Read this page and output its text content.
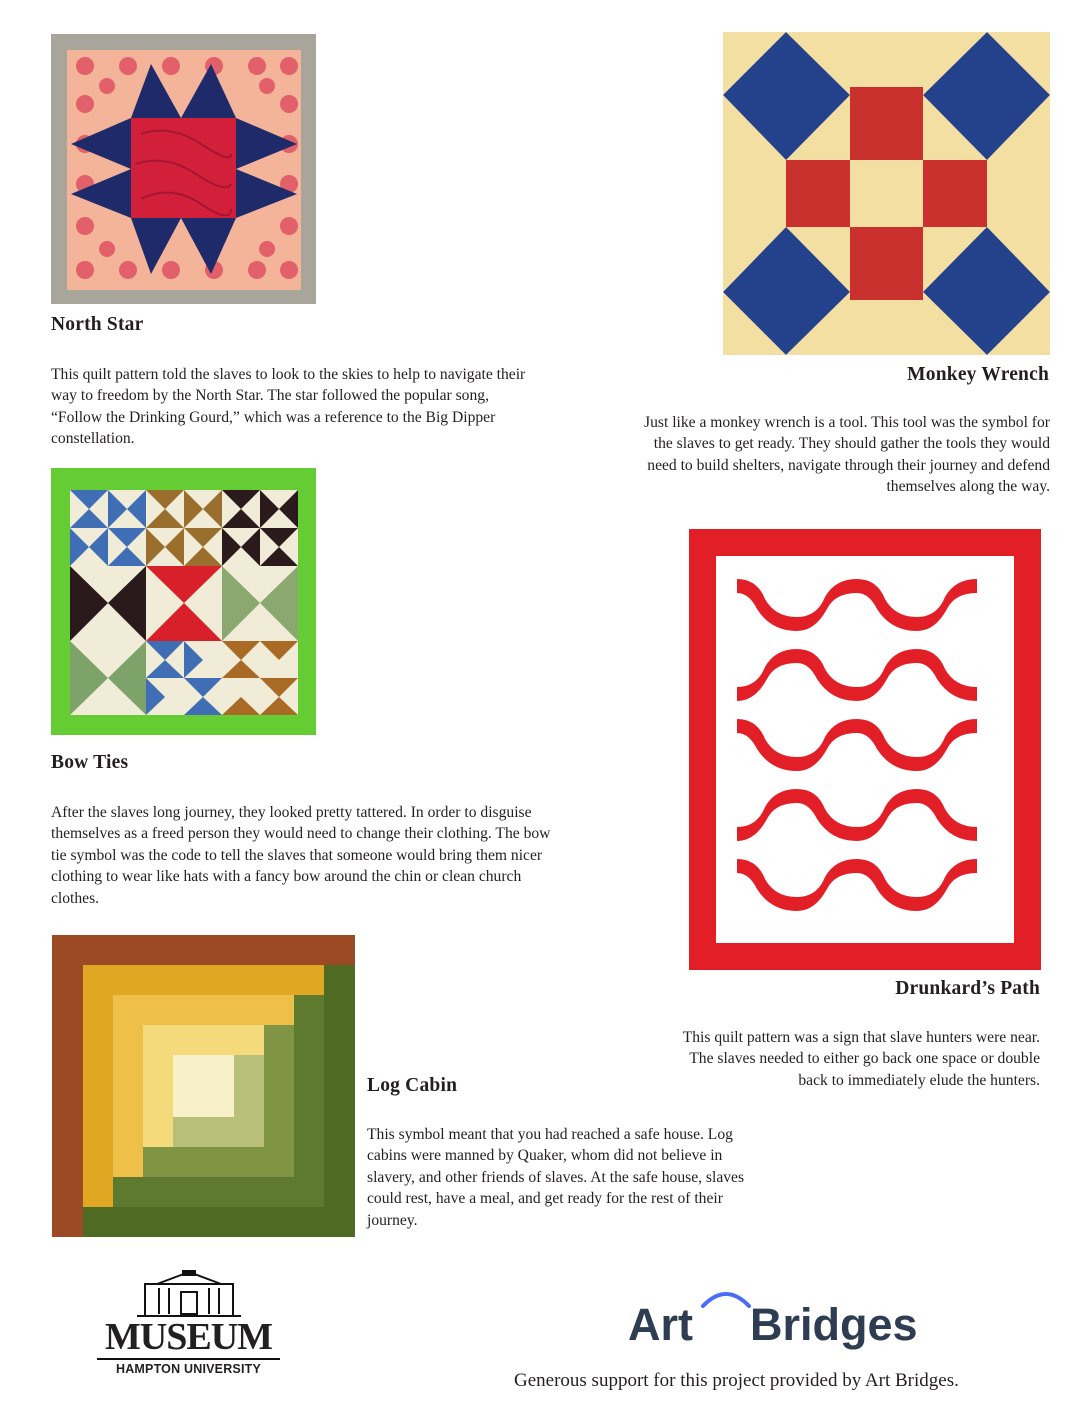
North Star

This quilt pattern told the slaves to look to the skies to help to navigate their way to freedom by the North Star. The star followed the popular song, “Follow the Drinking Gourd,” which was a reference to the Big Dipper constellation.

Monkey Wrench

Just like a monkey wrench is a tool. This tool was the symbol for the slaves to get ready. They should gather the tools they would need to build shelters, navigate through their journey and defend themselves along the way.

Bow Ties

After the slaves long journey, they looked pretty tattered. In order to disguise themselves as a freed person they would need to change their clothing. The bow tie symbol was the code to tell the slaves that someone would bring them nicer clothing to wear like hats with a fancy bow around the chin or clean church clothes.

Drunkard’s Path

This quilt pattern was a sign that slave hunters were near. The slaves needed to either go back one space or double back to immediately elude the hunters.

Log Cabin

This symbol meant that you had reached a safe house. Log cabins were manned by Quaker, whom did not believe in slavery, and other friends of slaves. At the safe house, slaves could rest, have a meal, and get ready for the rest of their journey.

MUSEUM
HAMPTON UNIVERSITY
Art Bridges
Generous support for this project provided by Art Bridges.
